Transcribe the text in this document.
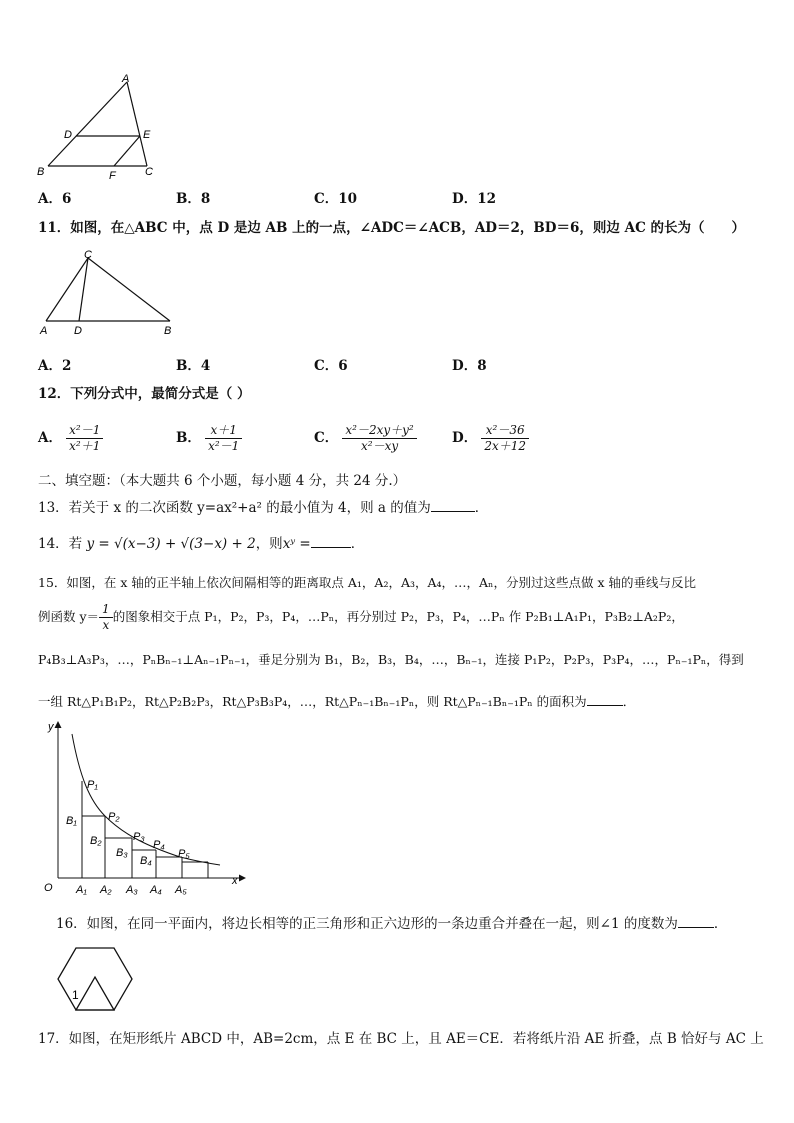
A
D	E
B	F	C
A．6	B．8	C．10	D．12
11．如图，在△ABC 中，点 D 是边 AB 上的一点，∠ADC＝∠ACB，AD＝2，BD＝6，则边 AC 的长为（　　）
C
A D	B
A．2	B．4	C．6	D．8
12．下列分式中，最简分式是（ ）
A． $\frac{\text{x²－1}}{\text{x²＋1}}$	B． $\frac{x+1}{\text{x²－1}}$	C． $\frac{\text{x²－2xy＋y²}}{\text{x²－xy}}$	D． $\frac{\text{x²－36}}{2x+12}$
二、填空题：（本大题共 6 个小题，每小题 4 分，共 24 分.）
13．若关于 x 的二次函数 y=ax²+a² 的最小值为 4，则 a 的值为	．
14．若 y = √(x−3) + √(3−x) + 2，则xʸ =	．
15．如图，在 x 轴的正半轴上依次间隔相等的距离取点 A₁，A₂，A₃，A₄，…，Aₙ，分别过这些点做 x 轴的垂线与反比
例函数 $y= \frac{1}{x}$ 的图象相交于点 P₁，P₂，P₃，P₄，…Pₙ，再分别过 P₂，P₃，P₄，…Pₙ 作 P₂B₁⊥A₁P₁，P₃B₂⊥A₂P₂，
P₄B₃⊥A₃P₃，…，PₙBₙ₋₁⊥Aₙ₋₁Pₙ₋₁，垂足分别为 B₁，B₂，B₃，B₄，…，Bₙ₋₁，连接 P₁P₂，P₂P₃，P₃P₄，…，Pₙ₋₁Pₙ，得到
一组 Rt△P₁B₁P₂，Rt△P₂B₂P₃，Rt△P₃B₃P₄，…，Rt△Pₙ₋₁Bₙ₋₁Pₙ，则 Rt△Pₙ₋₁Bₙ₋₁Pₙ 的面积为	．
y
x
O
P₁
P₂
P₃
P₄
P₅
B₁
B₂
B₃
B₄
A₁ A₂ A₃ A₄ A₅
16．如图，在同一平面内，将边长相等的正三角形和正六边形的一条边重合并叠在一起，则∠1 的度数为	．
1
17．如图，在矩形纸片 ABCD 中，AB=2cm，点 E 在 BC 上，且 AE＝CE．若将纸片沿 AE 折叠，点 B 恰好与 AC 上
